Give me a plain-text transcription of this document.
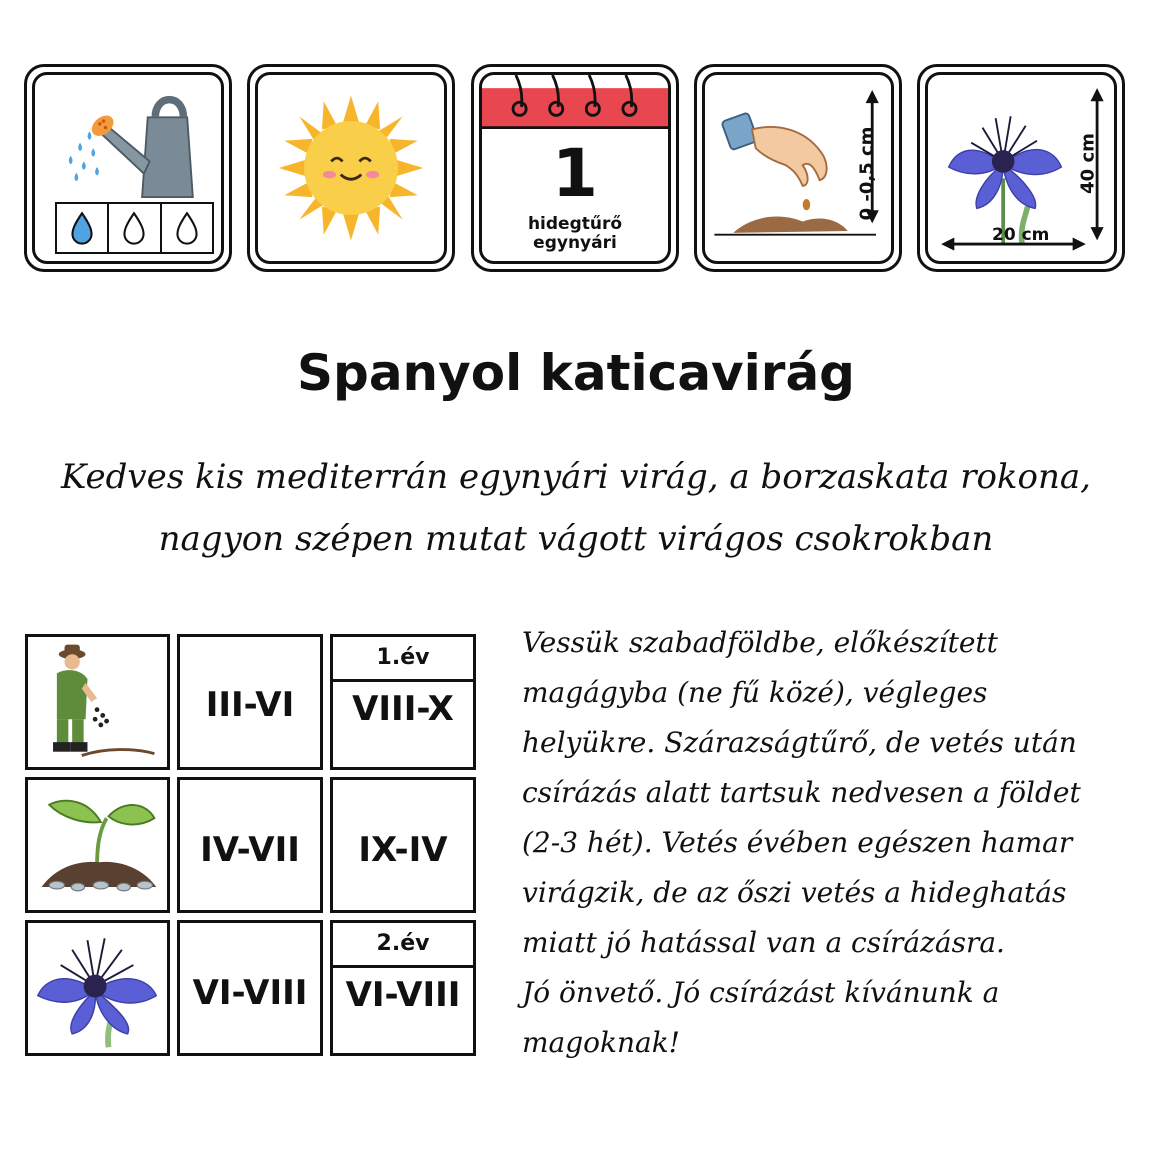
1
hidegtűrő
egynyári
0 -0,5 cm	40 cm
20 cm
Spanyol katicavirág
Kedves kis mediterrán egynyári virág, a borzaskata rokona,
nagyon szépen mutat vágott virágos csokrokban
III-VI
1.év
VIII-X
IV-VII	IX-IV
VI-VIII
2.év
VI-VIII
Vessük szabadföldbe, előkészített
magágyba (ne fű közé), végleges
helyükre. Szárazságtűrő, de vetés után
csírázás alatt tartsuk nedvesen a földet
(2-3 hét). Vetés évében egészen hamar
virágzik, de az őszi vetés a hideghatás
miatt jó hatással van a csírázásra.
Jó önvető. Jó csírázást kívánunk a
magoknak!
